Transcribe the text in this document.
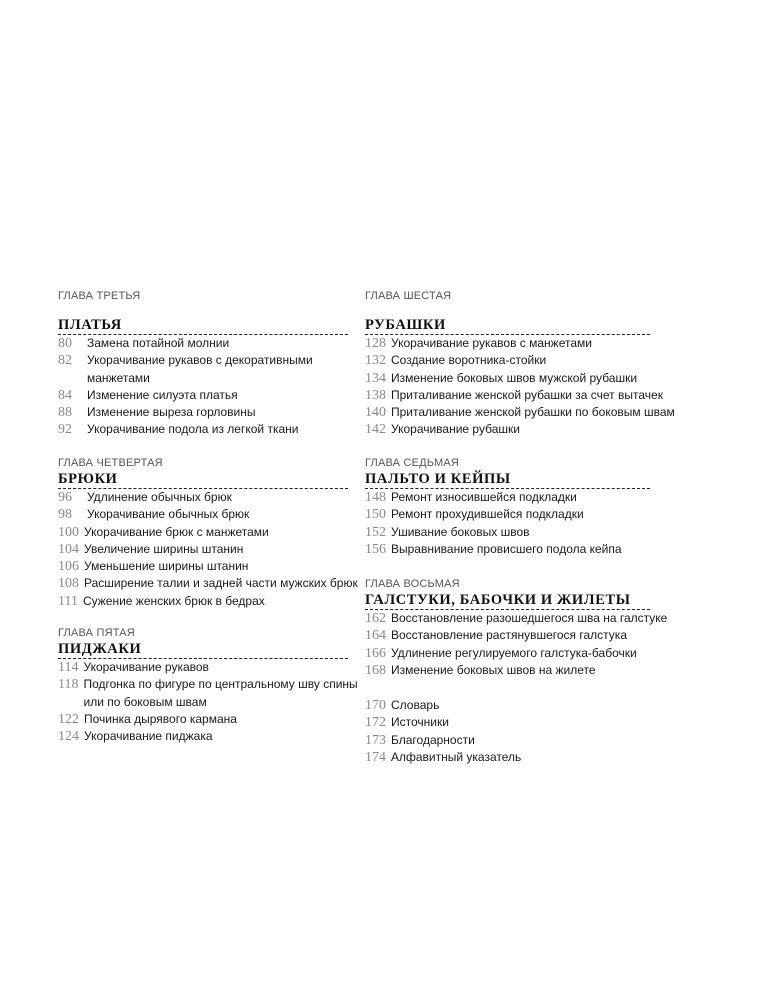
ГЛАВА ТРЕТЬЯ
ПЛАТЬЯ
80	Замена потайной молнии
82	Укорачивание рукавов с декоративными
манжетами
84	Изменение силуэта платья
88	Изменение выреза горловины
92	Укорачивание подола из легкой ткани
ГЛАВА ЧЕТВЕРТАЯ
БРЮКИ
96	Удлинение обычных брюк
98	Укорачивание обычных брюк
100 Укорачивание брюк с манжетами
104 Увеличение ширины штанин
106 Уменьшение ширины штанин
108 Расширение талии и задней части мужских брюк
111 Сужение женских брюк в бедрах
ГЛАВА ПЯТАЯ
ПИДЖАКИ
114 Укорачивание рукавов
118 Подгонка по фигуре по центральному шву спины
или по боковым швам
122 Починка дырявого кармана
124 Укорачивание пиджака
ГЛАВА ШЕСТАЯ
РУБАШКИ
128 Укорачивание рукавов с манжетами
132 Создание воротника-стойки
134 Изменение боковых швов мужской рубашки
138 Приталивание женской рубашки за счет вытачек
140 Приталивание женской рубашки по боковым швам
142 Укорачивание рубашки
ГЛАВА СЕДЬМАЯ
ПАЛЬТО И КЕЙПЫ
148 Ремонт износившейся подкладки
150 Ремонт прохудившейся подкладки
152 Ушивание боковых швов
156 Выравнивание провисшего подола кейпа
ГЛАВА ВОСЬМАЯ
ГАЛСТУКИ, БАБОЧКИ И ЖИЛЕТЫ
162 Восстановление разошедшегося шва на галстуке
164 Восстановление растянувшегося галстука
166 Удлинение регулируемого галстука-бабочки
168 Изменение боковых швов на жилете
170 Словарь
172 Источники
173 Благодарности
174 Алфавитный указатель
